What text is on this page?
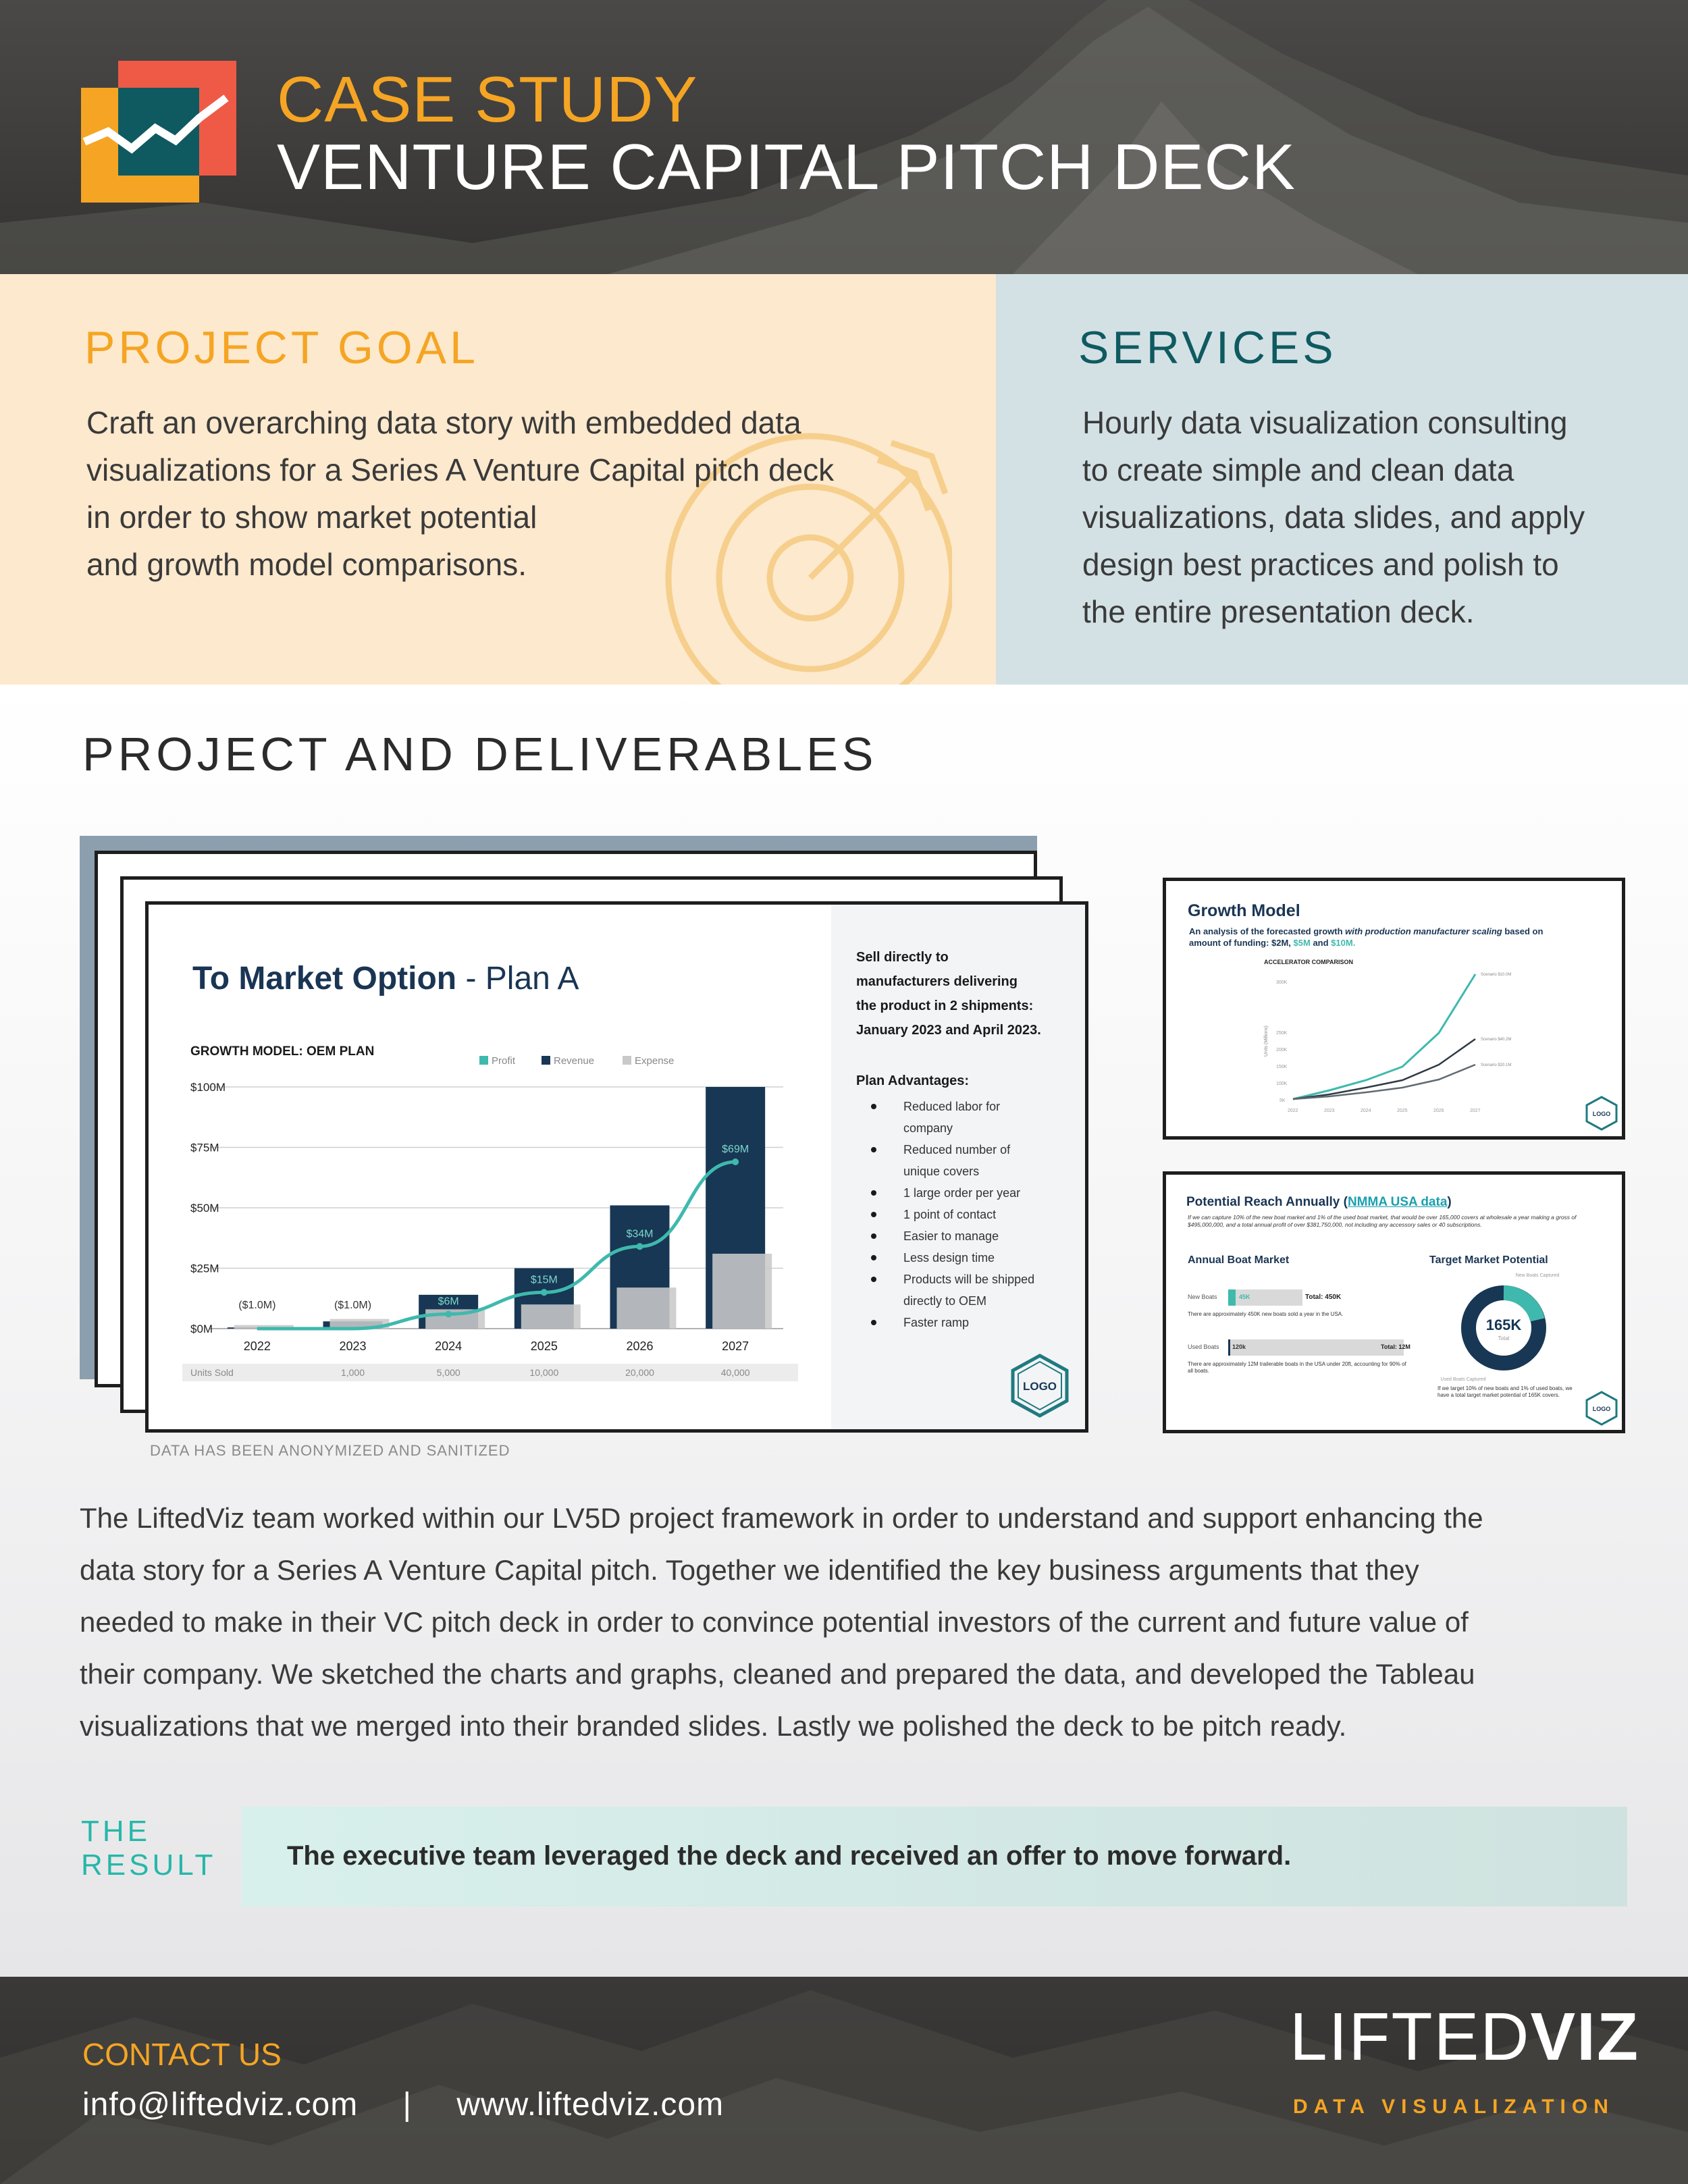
CASE STUDY
VENTURE CAPITAL PITCH DECK
PROJECT GOAL
Craft an overarching data story with embedded data
visualizations for a Series A Venture Capital pitch deck
in order to show market potential
and growth model comparisons.
SERVICES
Hourly data visualization consulting
to create simple and clean data
visualizations, data slides, and apply
design best practices and polish to
the entire presentation deck.
PROJECT AND DELIVERABLES
To Market Option - Plan A
GROWTH MODEL: OEM PLAN
Profit	Revenue	Expense
$0M
$25M
$50M
$75M
$100M
2022	2023	2024	2025	2026	2027
($1.0M)	($1.0M)	$6M
$15M
$34M
$69M
Units Sold	1,000	5,000	10,000	20,000	40,000
Sell directly to
manufacturers delivering
the product in 2 shipments:
January 2023 and April 2023.
Plan Advantages:
Reduced labor for
company
Reduced number of
unique covers
1 large order per year
1 point of contact
Easier to manage
Less design time
Products will be shipped
directly to OEM
Faster ramp
LOGO
Growth Model
An analysis of the forecasted growth with production manufacturer scaling based on
amount of funding: $2M, $5M and $10M.
ACCELERATOR COMPARISON
Units (Millions)
5K
100K
150K
200K
250K
300K
2022	2023	2024	2025	2026	2027
Scenario $10.0M
Scenario $40.2M
Scenario $20.1M
LOGO
Potential Reach Annually (NMMA USA data)
If we can capture 10% of the new boat market and 1% of the used boat market, that would be over 165,000 covers at wholesale a year making a gross of $495,000,000, and a total annual profit of over $381,750,000, not including any accessory sales or 40 subscriptions.
Annual Boat Market	Target Market Potential
New Boats	45K	Total: 450K
There are approximately 450K new boats sold a year in the USA.
Used Boats 120k	Total: 12M
There are approximately 12M trailerable boats in the USA under 20ft, accounting for 90% of all boats.
New Boats Captured
165K
Total
Used Boats Captured
If we target 10% of new boats and 1% of used boats, we have a total target market potential of 165K covers.
LOGO
DATA HAS BEEN ANONYMIZED AND SANITIZED
The LiftedViz team worked within our LV5D project framework in order to understand and support enhancing the
data story for a Series A Venture Capital pitch. Together we identified the key business arguments that they
needed to make in their VC pitch deck in order to convince potential investors of the current and future value of
their company. We sketched the charts and graphs, cleaned and prepared the data, and developed the Tableau
visualizations that we merged into their branded slides. Lastly we polished the deck to be pitch ready.
THE
RESULT	The executive team leveraged the deck and received an offer to move forward.
CONTACT US
info@liftedviz.com | www.liftedviz.com
LIFTEDVIZ
DATA VISUALIZATION
